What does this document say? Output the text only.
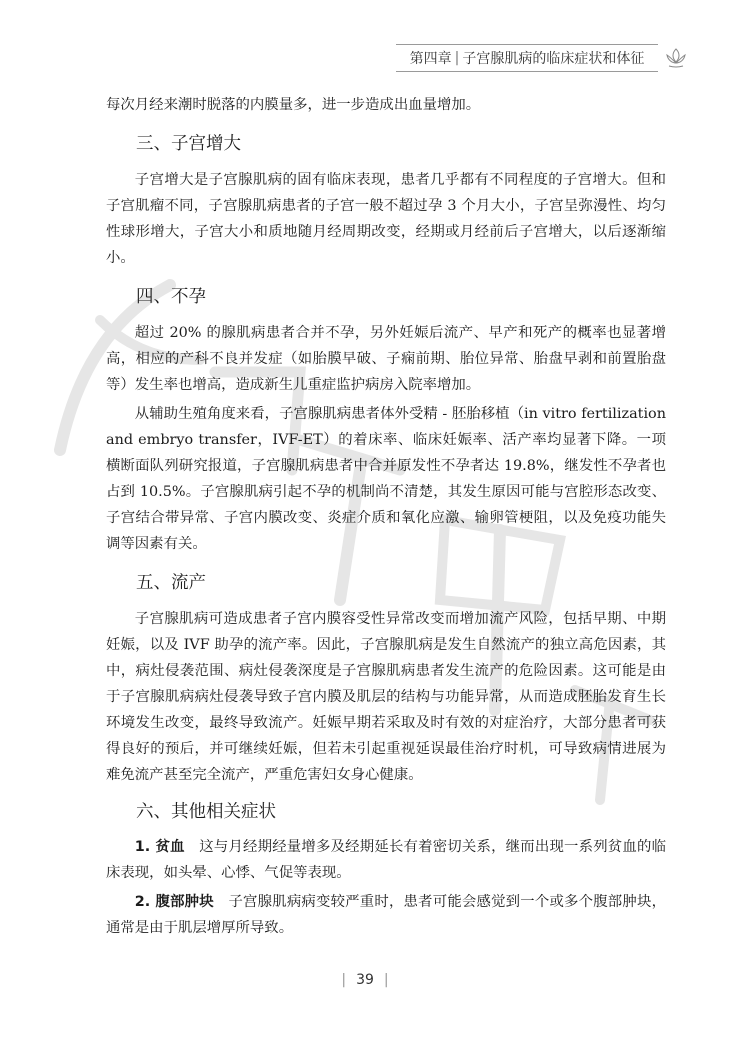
第四章 | 子宫腺肌病的临床症状和体征

每次月经来潮时脱落的内膜量多，进一步造成出血量增加。

三、子宫增大

子宫增大是子宫腺肌病的固有临床表现，患者几乎都有不同程度的子宫增大。但和子宫肌瘤不同，子宫腺肌病患者的子宫一般不超过孕 3 个月大小，子宫呈弥漫性、均匀性球形增大，子宫大小和质地随月经周期改变，经期或月经前后子宫增大，以后逐渐缩小。

四、不孕

超过 20% 的腺肌病患者合并不孕，另外妊娠后流产、早产和死产的概率也显著增高，相应的产科不良并发症（如胎膜早破、子痫前期、胎位异常、胎盘早剥和前置胎盘等）发生率也增高，造成新生儿重症监护病房入院率增加。

从辅助生殖角度来看，子宫腺肌病患者体外受精 - 胚胎移植（in vitro fertilization and embryo transfer，IVF-ET）的着床率、临床妊娠率、活产率均显著下降。一项横断面队列研究报道，子宫腺肌病患者中合并原发性不孕者达 19.8%，继发性不孕者也占到 10.5%。子宫腺肌病引起不孕的机制尚不清楚，其发生原因可能与宫腔形态改变、子宫结合带异常、子宫内膜改变、炎症介质和氧化应激、输卵管梗阻，以及免疫功能失调等因素有关。

五、流产

子宫腺肌病可造成患者子宫内膜容受性异常改变而增加流产风险，包括早期、中期妊娠，以及 IVF 助孕的流产率。因此，子宫腺肌病是发生自然流产的独立高危因素，其中，病灶侵袭范围、病灶侵袭深度是子宫腺肌病患者发生流产的危险因素。这可能是由于子宫腺肌病病灶侵袭导致子宫内膜及肌层的结构与功能异常，从而造成胚胎发育生长环境发生改变，最终导致流产。妊娠早期若采取及时有效的对症治疗，大部分患者可获得良好的预后，并可继续妊娠，但若未引起重视延误最佳治疗时机，可导致病情进展为难免流产甚至完全流产，严重危害妇女身心健康。

六、其他相关症状

1. 贫血　 这与月经期经量增多及经期延长有着密切关系，继而出现一系列贫血的临床表现，如头晕、心悸、气促等表现。

2. 腹部肿块　 子宫腺肌病病变较严重时，患者可能会感觉到一个或多个腹部肿块，通常是由于肌层增厚所导致。

| 39 |
